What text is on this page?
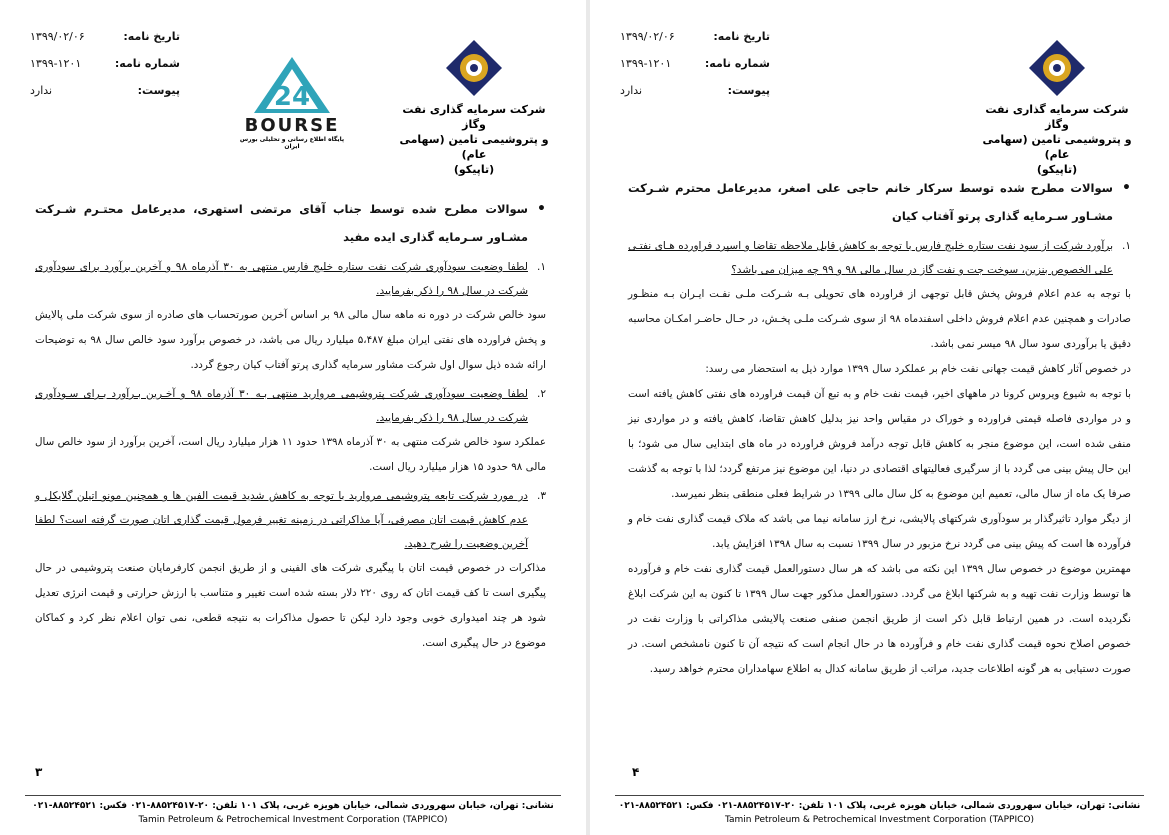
تاریخ نامه:
۱۳۹۹/۰۲/۰۶
شماره نامه:
۱۳۹۹-۱۲۰۱
پیوست:
ندارد	24
BOURSE
پایگاه اطلاع رسانی و تحلیلی بورس ایران
شرکت سرمایه گذاری نفت وگاز
و پتروشیمی تامین (سهامی عام)
(تاپیکو)
• سوالات مطرح شده توسط جناب آقای مرتضی استهری، مدیرعامل محتـرم شـرکت مشـاور سـرمایه گذاری ایده مفید
۱.
لطفا وضعیت سودآوری شرکت نفت ستاره خلیج فارس منتهی به ۳۰ آذرماه ۹۸ و آخرین برآورد برای سودآوری شرکت در سال ۹۸ را ذکر بفرمایید.
سود خالص شرکت در دوره نه ماهه سال مالی ۹۸ بر اساس آخرین صورتحساب های صادره از سوی شرکت ملی پالایش و پخش فراورده های نفتی ایران مبلغ ۵،۴۸۷ میلیارد ریال می باشد، در خصوص برآورد سود خالص سال ۹۸ به توضیحات ارائه شده ذیل سوال اول شرکت مشاور سرمایه گذاری پرتو آفتاب کیان رجوع گردد.
۲.
لطفا وضعیت سودآوری شرکت پتروشیمی مروارید منتهی بـه ۳۰ آذرماه ۹۸ و آخـرین بـرآورد بـرای سـودآوری شرکت در سال ۹۸ را ذکر بفرمایید.
عملکرد سود خالص شرکت منتهی به ۳۰ آذرماه ۱۳۹۸ حدود ۱۱ هزار میلیارد ریال است، آخرین برآورد از سود خالص سال مالی ۹۸ حدود ۱۵ هزار میلیارد ریال است.
۳.
در مورد شرکت تابعه پتروشیمی مروارید با توجه به کاهش شدید قیمت الفین ها و همچنین مونو اتیلن گلایکل و عدم کاهش قیمت اتان مصرفی، آیا مذاکراتی در زمینه تغییر فرمول قیمت گذاری اتان صورت گرفته است؟ لطفا آخرین وضعیت را شرح دهید.
مذاکرات در خصوص قیمت اتان با پیگیری شرکت های الفینی و از طریق انجمن کارفرمایان صنعت پتروشیمی در حال پیگیری است تا کف قیمت اتان که روی ۲۲۰ دلار بسته شده است تغییر و متناسب با ارزش حرارتی و قیمت انرژی تعدیل شود هر چند امیدواری خوبی وجود دارد لیکن تا حصول مذاکرات به نتیجه قطعی، نمی توان اعلام نظر کرد و کماکان موضوع در حال پیگیری است.
۳
نشانی: تهران، خیابان سهروردی شمالی، خیابان هویزه غربی، پلاک ۱۰۱ تلفن: ۲۰-۸۸۵۲۴۵۱۷-۰۲۱ فکس: ۸۸۵۲۴۵۲۱-۰۲۱
Tamin Petroleum & Petrochemical Investment Corporation (TAPPICO)
تاریخ نامه:
۱۳۹۹/۰۲/۰۶
شماره نامه:
۱۳۹۹-۱۲۰۱
پیوست:
ندارد
شرکت سرمایه گذاری نفت وگاز
و پتروشیمی تامین (سهامی عام)
(تاپیکو)
• سوالات مطرح شده توسط سرکار خانم حاجی علی اصغر، مدیرعامل محترم شـرکت مشـاور سـرمایه گذاری پرتو آفتاب کیان
۱.
برآورد شرکت از سود نفت ستاره خلیج فارس با توجه به کاهش قابل ملاحظه تقاضا و اسپرد فراورده هـای نفتـی علی الخصوص بنزین، سوخت جت و نفت گاز در سال مالی ۹۸ و ۹۹ چه میزان می باشد؟
با توجه به عدم اعلام فروش پخش قابل توجهی از فراورده های تحویلی بـه شـرکت ملـی نفـت ایـران بـه منظـور صادرات و همچنین عدم اعلام فروش داخلی اسفندماه ۹۸ از سوی شـرکت ملـی پخـش، در حـال حاضـر امکـان محاسبه دقیق یا برآوردی سود سال ۹۸ میسر نمی باشد.
در خصوص آثار کاهش قیمت جهانی نفت خام بر عملکرد سال ۱۳۹۹ موارد ذیل به استحضار می رسد:
با توجه به شیوع ویروس کرونا در ماههای اخیر، قیمت نفت خام و به تبع آن قیمت فراورده های نفتی کاهش یافته است و در مواردی فاصله قیمتی فراورده و خوراک در مقیاس واحد نیز بدلیل کاهش تقاضا، کاهش یافته و در مواردی نیز منفی شده است، این موضوع منجر به کاهش قابل توجه درآمد فروش فراورده در ماه های ابتدایی سال می شود؛ با این حال پیش بینی می گردد با از سرگیری فعالیتهای اقتصادی در دنیا، این موضوع نیز مرتفع گردد؛ لذا با توجه به گذشت صرفا یک ماه از سال مالی، تعمیم این موضوع به کل سال مالی ۱۳۹۹ در شرایط فعلی منطقی بنظر نمیرسد.
از دیگر موارد تاثیرگذار بر سودآوری شرکتهای پالایشی، نرخ ارز سامانه نیما می باشد که ملاک قیمت گذاری نفت خام و فرآورده ها است که پیش بینی می گردد نرخ مزبور در سال ۱۳۹۹ نسبت به سال ۱۳۹۸ افزایش یابد.
مهمترین موضوع در خصوص سال ۱۳۹۹ این نکته می باشد که هر سال دستورالعمل قیمت گذاری نفت خام و فرآورده ها توسط وزارت نفت تهیه و به شرکتها ابلاغ می گردد. دستورالعمل مذکور جهت سال ۱۳۹۹ تا کنون به این شرکت ابلاغ نگردیده است. در همین ارتباط قابل ذکر است از طریق انجمن صنفی صنعت پالایشی مذاکراتی با وزارت نفت در خصوص اصلاح نحوه قیمت گذاری نفت خام و فرآورده ها در حال انجام است که نتیجه آن تا کنون نامشخص است. در صورت دستیابی به هر گونه اطلاعات جدید، مراتب از طریق سامانه کدال به اطلاع سهامداران محترم خواهد رسید.
۴
نشانی: تهران، خیابان سهروردی شمالی، خیابان هویزه غربی، پلاک ۱۰۱ تلفن: ۲۰-۸۸۵۲۴۵۱۷-۰۲۱ فکس: ۸۸۵۲۴۵۲۱-۰۲۱
Tamin Petroleum & Petrochemical Investment Corporation (TAPPICO)
